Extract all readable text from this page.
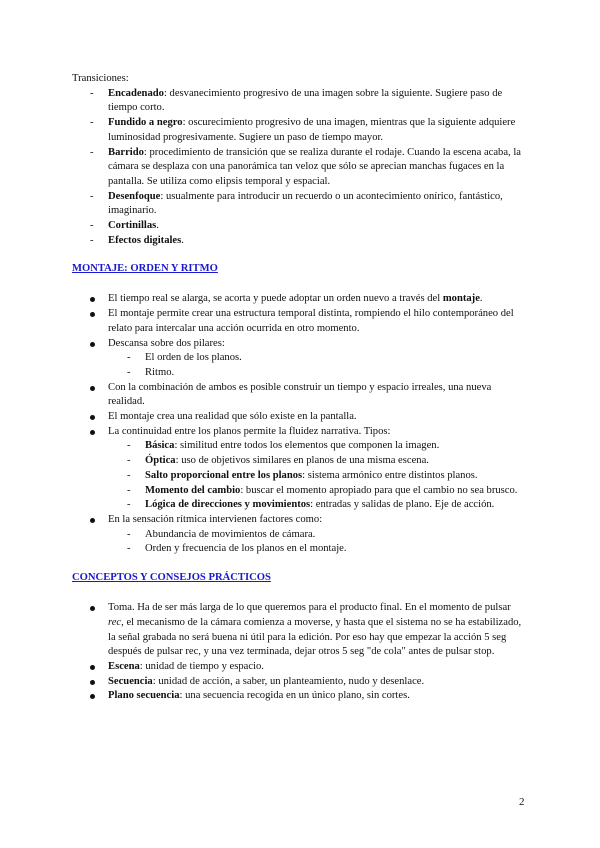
Transiciones:
- Encadenado: desvanecimiento progresivo de una imagen sobre la siguiente. Sugiere paso de tiempo corto.
- Fundido a negro: oscurecimiento progresivo de una imagen, mientras que la siguiente adquiere luminosidad progresivamente. Sugiere un paso de tiempo mayor.
- Barrido: procedimiento de transición que se realiza durante el rodaje. Cuando la escena acaba, la cámara se desplaza con una panorámica tan veloz que sólo se aprecian manchas fugaces en la pantalla. Se utiliza como elipsis temporal y espacial.
- Desenfoque: usualmente para introducir un recuerdo o un acontecimiento onírico, fantástico, imaginario.
- Cortinillas.
- Efectos digitales.
MONTAJE: ORDEN Y RITMO
El tiempo real se alarga, se acorta y puede adoptar un orden nuevo a través del montaje.
El montaje permite crear una estructura temporal distinta, rompiendo el hilo contemporáneo del relato para intercalar una acción ocurrida en otro momento.
Descansa sobre dos pilares:
- El orden de los planos.
- Ritmo.
Con la combinación de ambos es posible construir un tiempo y espacio irreales, una nueva realidad.
El montaje crea una realidad que sólo existe en la pantalla.
La continuidad entre los planos permite la fluidez narrativa. Tipos:
- Básica: similitud entre todos los elementos que componen la imagen.
- Óptica: uso de objetivos similares en planos de una misma escena.
- Salto proporcional entre los planos: sistema armónico entre distintos planos.
- Momento del cambio: buscar el momento apropiado para que el cambio no sea brusco.
- Lógica de direcciones y movimientos: entradas y salidas de plano. Eje de acción.
En la sensación rítmica intervienen factores como:
- Abundancia de movimientos de cámara.
- Orden y frecuencia de los planos en el montaje.
CONCEPTOS Y CONSEJOS PRÁCTICOS
Toma. Ha de ser más larga de lo que queremos para el producto final. En el momento de pulsar rec, el mecanismo de la cámara comienza a moverse, y hasta que el sistema no se ha estabilizado, la señal grabada no será buena ni útil para la edición. Por eso hay que empezar la acción 5 seg después de pulsar rec, y una vez terminada, dejar otros 5 seg "de cola" antes de pulsar stop.
Escena: unidad de tiempo y espacio.
Secuencia: unidad de acción, a saber, un planteamiento, nudo y desenlace.
Plano secuencia: una secuencia recogida en un único plano, sin cortes.
2
